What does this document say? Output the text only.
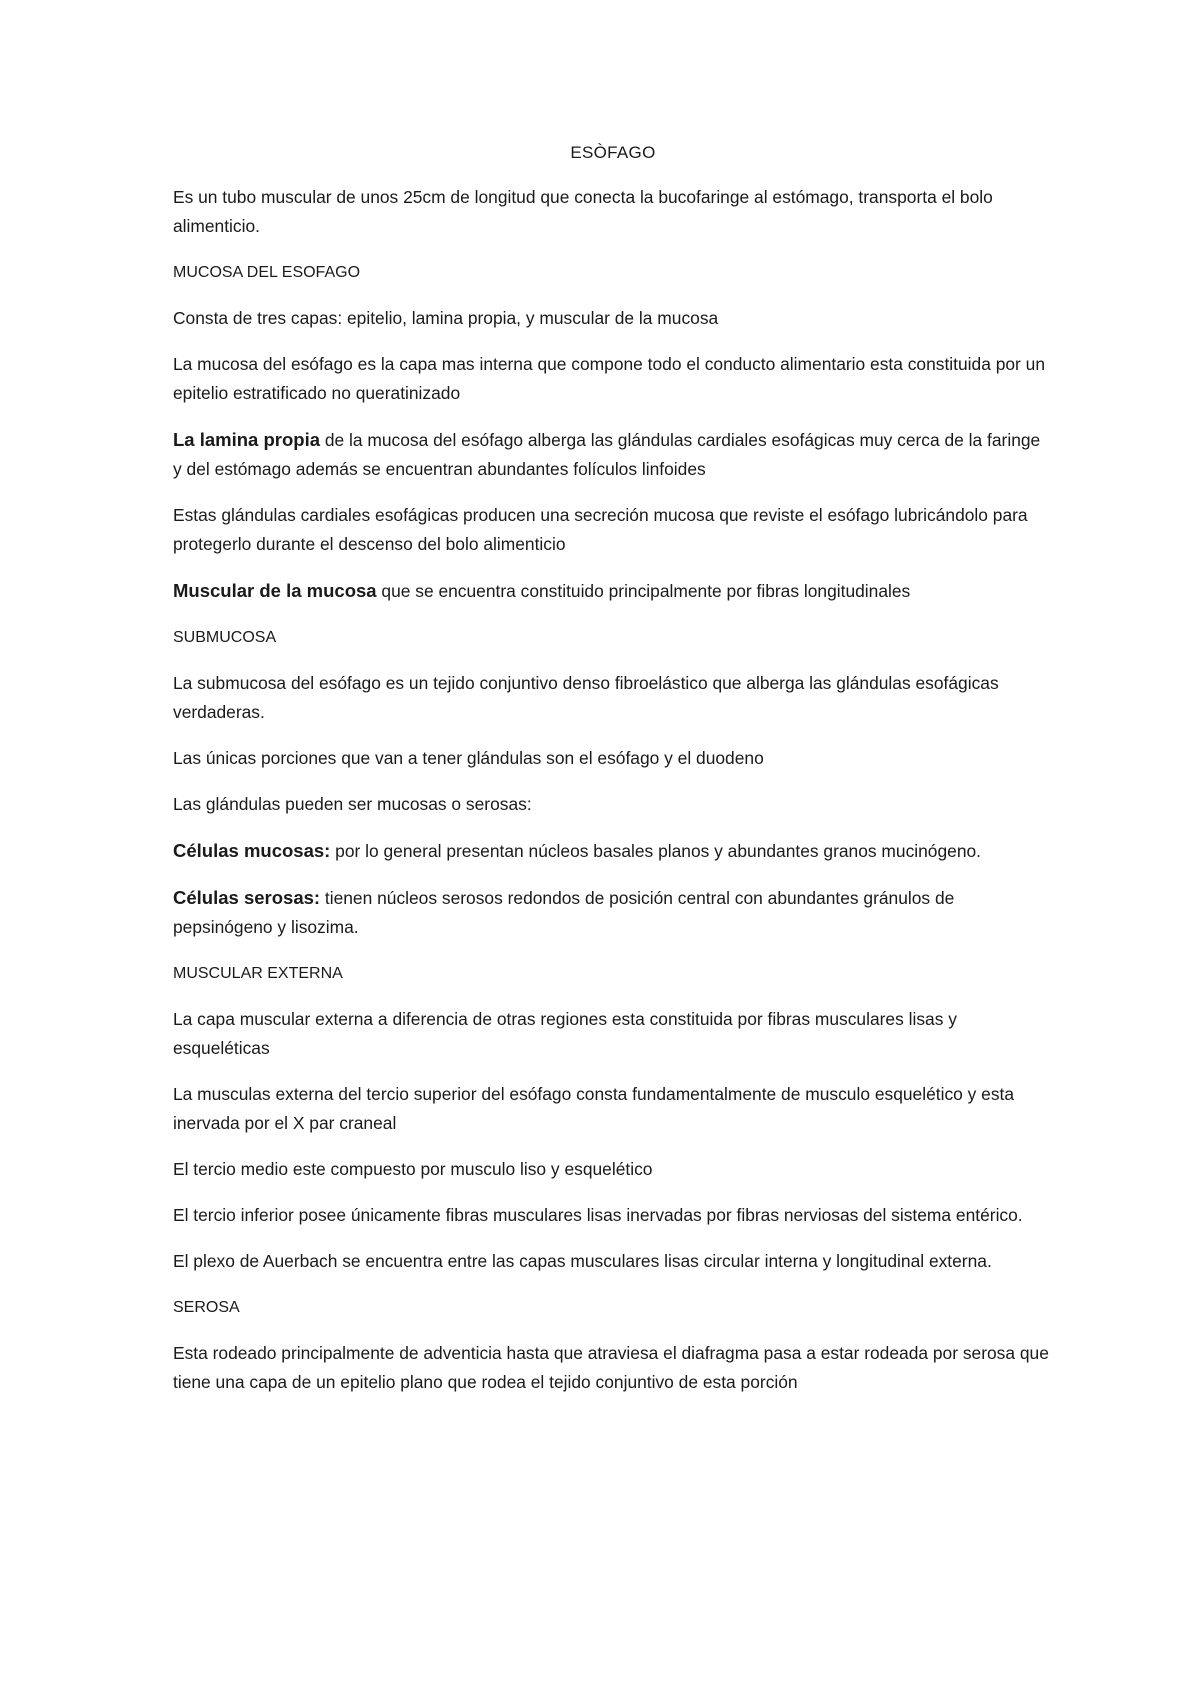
ESÒFAGO

Es un tubo muscular de unos 25cm de longitud que conecta la bucofaringe al estómago, transporta el bolo alimenticio.

MUCOSA DEL ESOFAGO

Consta de tres capas: epitelio, lamina propia, y muscular de la mucosa

La mucosa del esófago es la capa mas interna que compone todo el conducto alimentario esta constituida por un epitelio estratificado no queratinizado

La lamina propia de la mucosa del esófago alberga las glándulas cardiales esofágicas muy cerca de la faringe y del estómago además se encuentran abundantes folículos linfoides

Estas glándulas cardiales esofágicas producen una secreción mucosa que reviste el esófago lubricándolo para protegerlo durante el descenso del bolo alimenticio

Muscular de la mucosa que se encuentra constituido principalmente por fibras longitudinales

SUBMUCOSA

La submucosa del esófago es un tejido conjuntivo denso fibroelástico que alberga las glándulas esofágicas verdaderas.

Las únicas porciones que van a tener glándulas son el esófago y el duodeno

Las glándulas pueden ser mucosas o serosas:

Células mucosas: por lo general presentan núcleos basales planos y abundantes granos mucinógeno.

Células serosas: tienen núcleos serosos redondos de posición central con abundantes gránulos de pepsinógeno y lisozima.

MUSCULAR EXTERNA

La capa muscular externa a diferencia de otras regiones esta constituida por fibras musculares lisas y esqueléticas

La musculas externa del tercio superior del esófago consta fundamentalmente de musculo esquelético y esta inervada por el X par craneal

El tercio medio este compuesto por musculo liso y esquelético

El tercio inferior posee únicamente fibras musculares lisas inervadas por fibras nerviosas del sistema entérico.

El plexo de Auerbach se encuentra entre las capas musculares lisas circular interna y longitudinal externa.

SEROSA

Esta rodeado principalmente de adventicia hasta que atraviesa el diafragma pasa a estar rodeada por serosa que tiene una capa de un epitelio plano que rodea el tejido conjuntivo de esta porción
